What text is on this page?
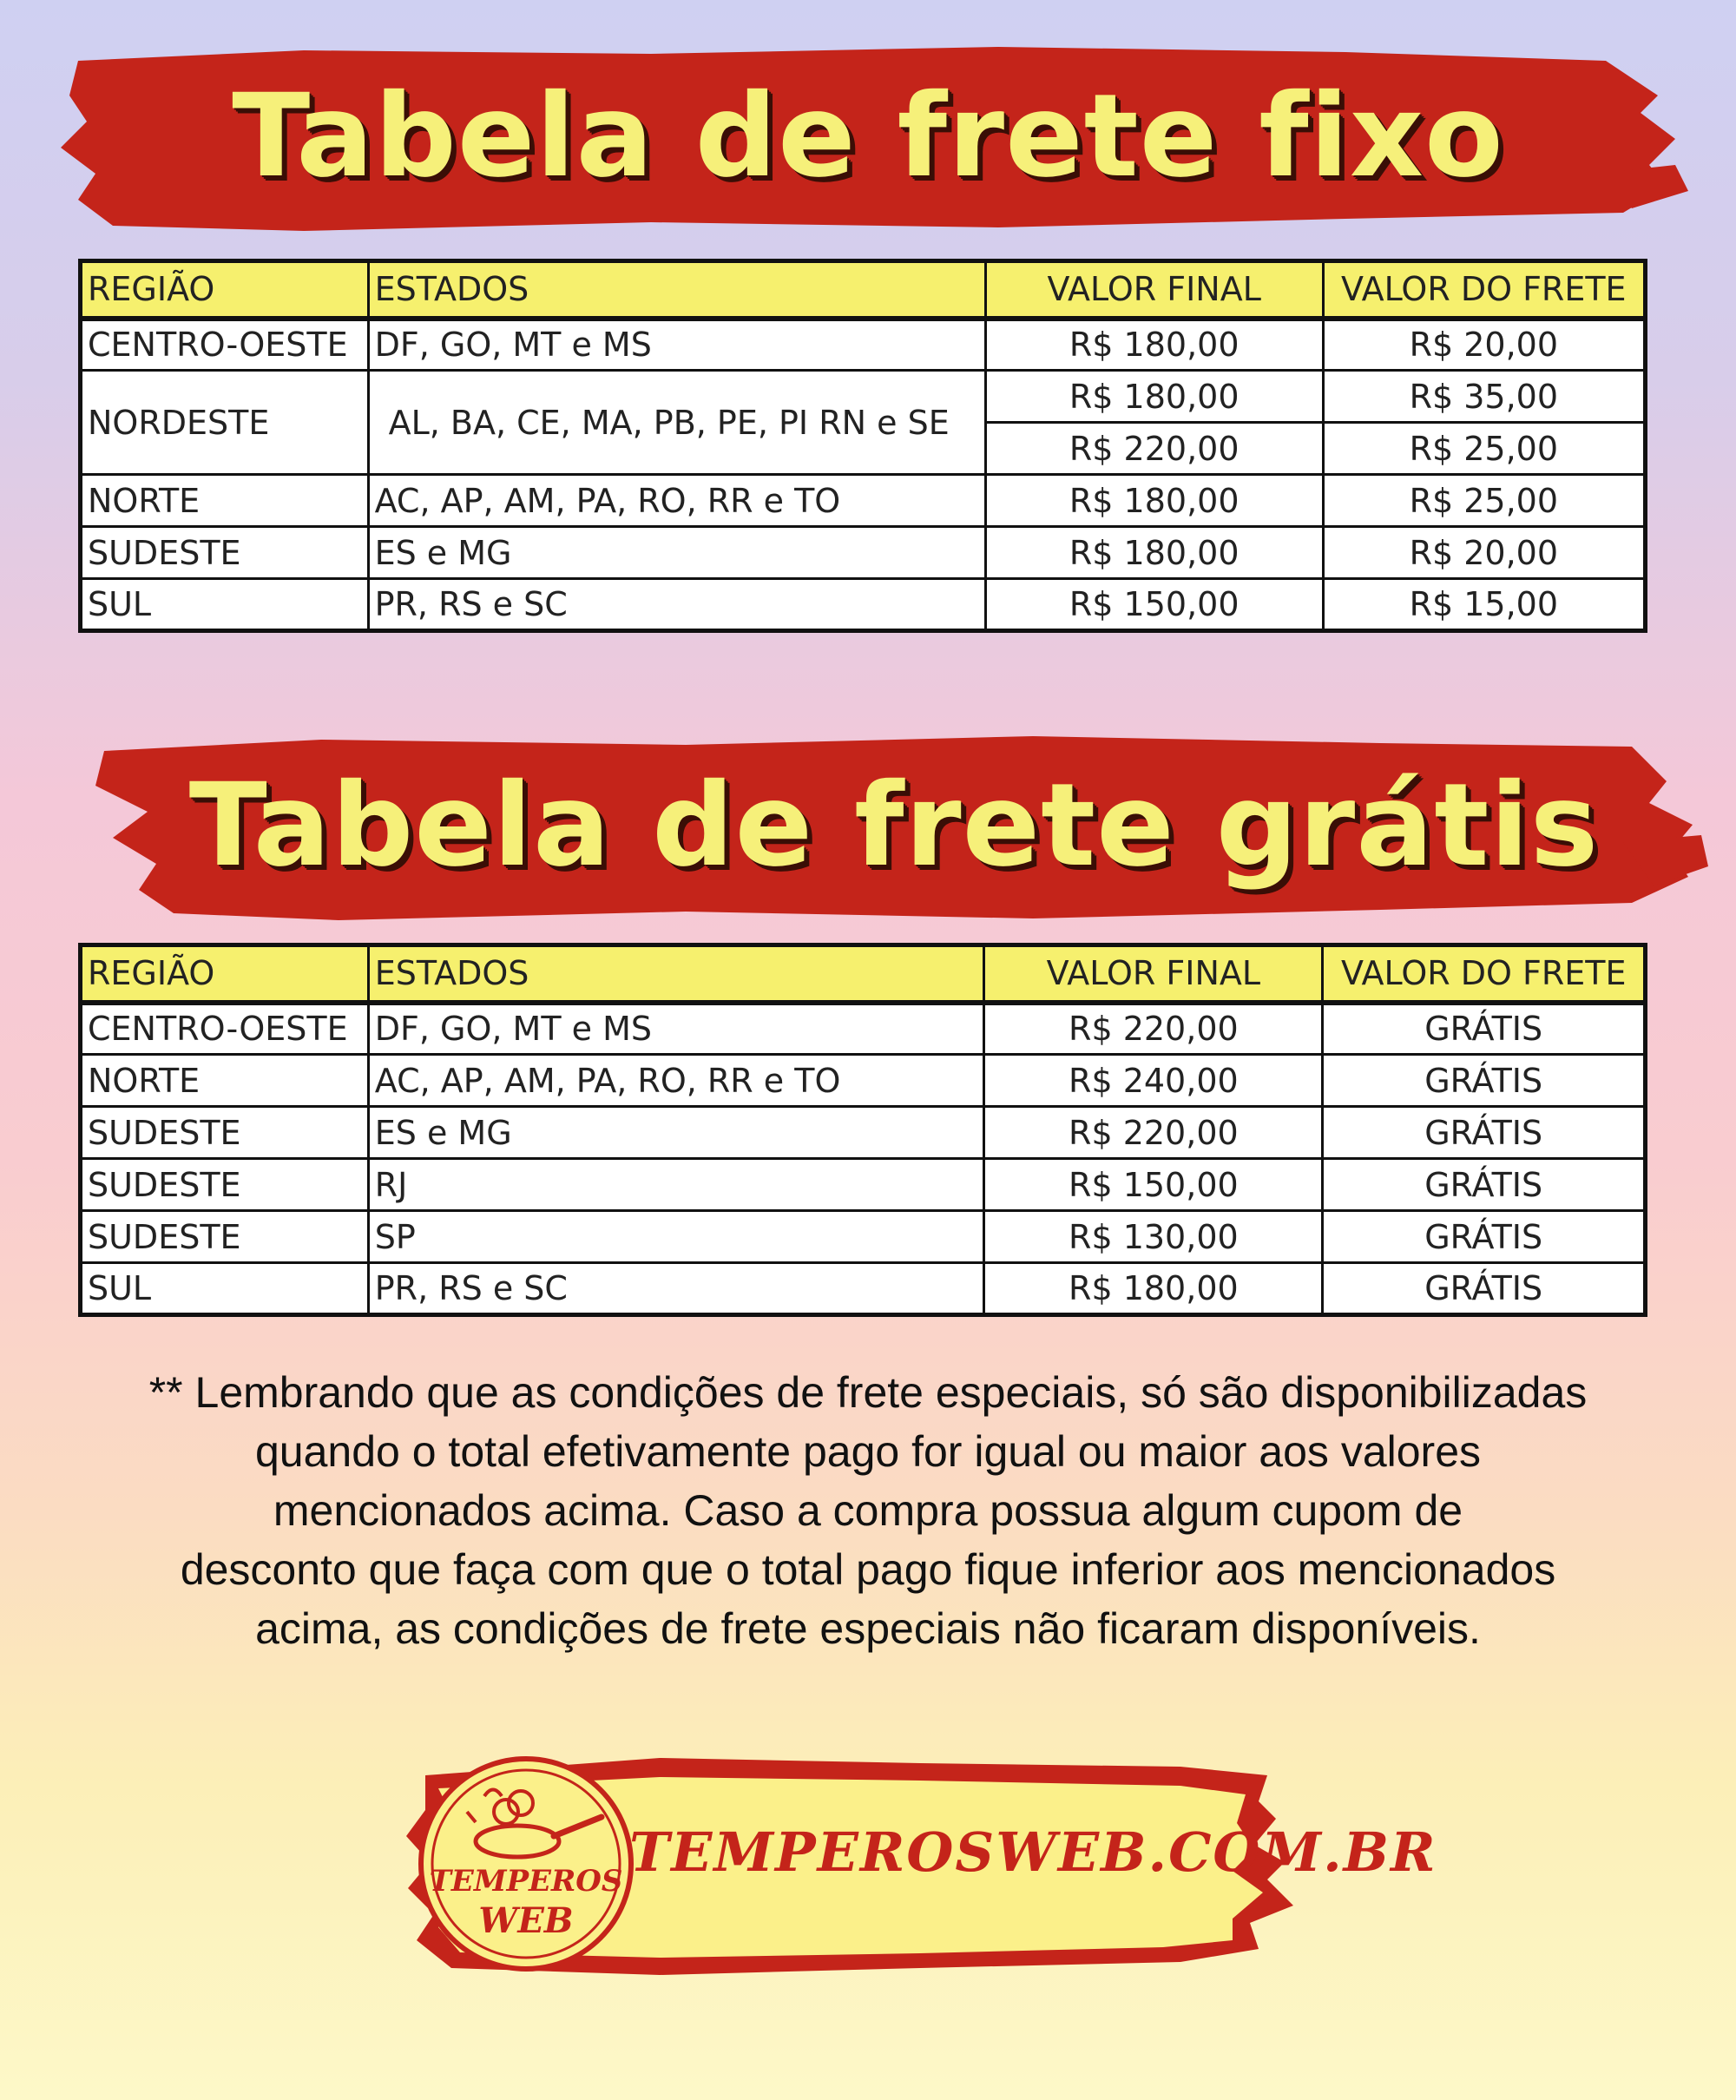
Tabela de frete fixo
REGIÃO	ESTADOS	VALOR FINAL	VALOR DO FRETE
CENTRO-OESTE	DF, GO, MT e MS	R$ 180,00	R$ 20,00
NORDESTE	AL, BA, CE, MA, PB, PE, PI RN e SE	R$ 180,00	R$ 35,00
		R$ 220,00	R$ 25,00
NORTE	AC, AP, AM, PA, RO, RR e TO	R$ 180,00	R$ 25,00
SUDESTE	ES e MG	R$ 180,00	R$ 20,00
SUL	PR, RS e SC	R$ 150,00	R$ 15,00
Tabela de frete grátis
REGIÃO	ESTADOS	VALOR FINAL	VALOR DO FRETE
CENTRO-OESTE	DF, GO, MT e MS	R$ 220,00	GRÁTIS
NORTE	AC, AP, AM, PA, RO, RR e TO	R$ 240,00	GRÁTIS
SUDESTE	ES e MG	R$ 220,00	GRÁTIS
SUDESTE	RJ	R$ 150,00	GRÁTIS
SUDESTE	SP	R$ 130,00	GRÁTIS
SUL	PR, RS e SC	R$ 180,00	GRÁTIS
** Lembrando que as condições de frete especiais, só são disponibilizadas
quando o total efetivamente pago for igual ou maior aos valores
mencionados acima. Caso a compra possua algum cupom de
desconto que faça com que o total pago fique inferior aos mencionados
acima, as condições de frete especiais não ficaram disponíveis.
TEMPEROS
WEB
TEMPEROSWEB.COM.BR
